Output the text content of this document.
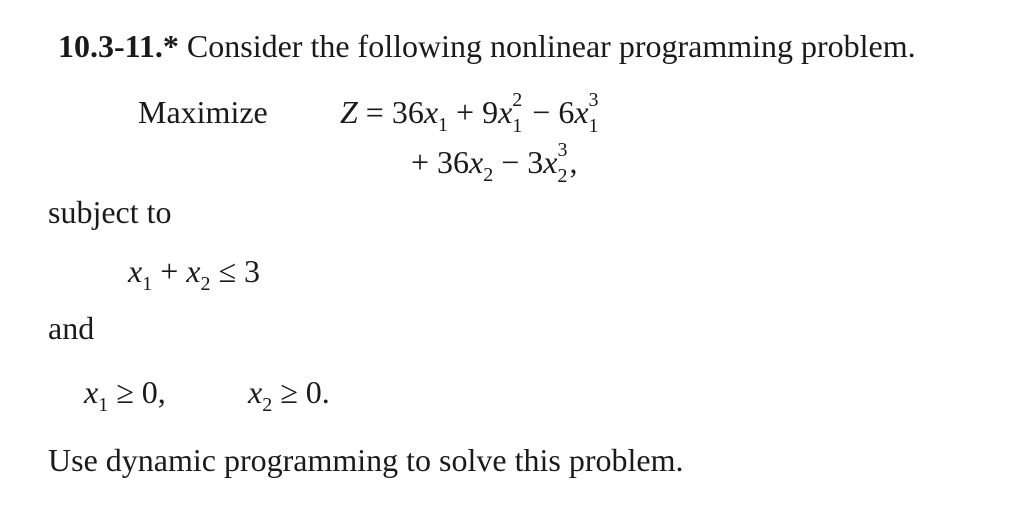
10.3-11.* Consider the following nonlinear programming problem.
Maximize $Z = 36x_1 + 9x$ 2
1 − 6x 3
1
+ $36x_2 - 3x$ 3
2 ,
subject to
$x_1 + x_2 \le 3$
and
$x_1 \ge 0$,	$x_2 \ge 0$.
Use dynamic programming to solve this problem.
